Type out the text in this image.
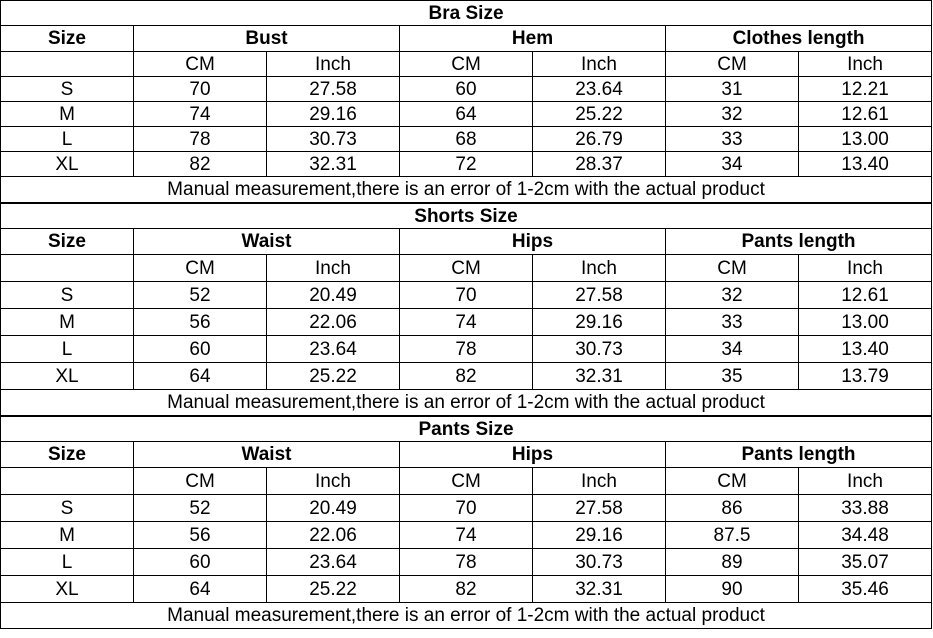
Bra Size						
Size	Bust		Hem		Clothes length	
	CM	Inch	CM	Inch	CM	Inch
S	70	27.58	60	23.64	31	12.21
M	74	29.16	64	25.22	32	12.61
L	78	30.73	68	26.79	33	13.00
XL	82	32.31	72	28.37	34	13.40
Manual measurement,there is an error of 1-2cm with the actual product						
Shorts Size						
Size	Waist		Hips		Pants length	
	CM	Inch	CM	Inch	CM	Inch
S	52	20.49	70	27.58	32	12.61
M	56	22.06	74	29.16	33	13.00
L	60	23.64	78	30.73	34	13.40
XL	64	25.22	82	32.31	35	13.79
Manual measurement,there is an error of 1-2cm with the actual product						
Pants Size						
Size	Waist		Hips		Pants length	
	CM	Inch	CM	Inch	CM	Inch
S	52	20.49	70	27.58	86	33.88
M	56	22.06	74	29.16	87.5	34.48
L	60	23.64	78	30.73	89	35.07
XL	64	25.22	82	32.31	90	35.46
Manual measurement,there is an error of 1-2cm with the actual product						
